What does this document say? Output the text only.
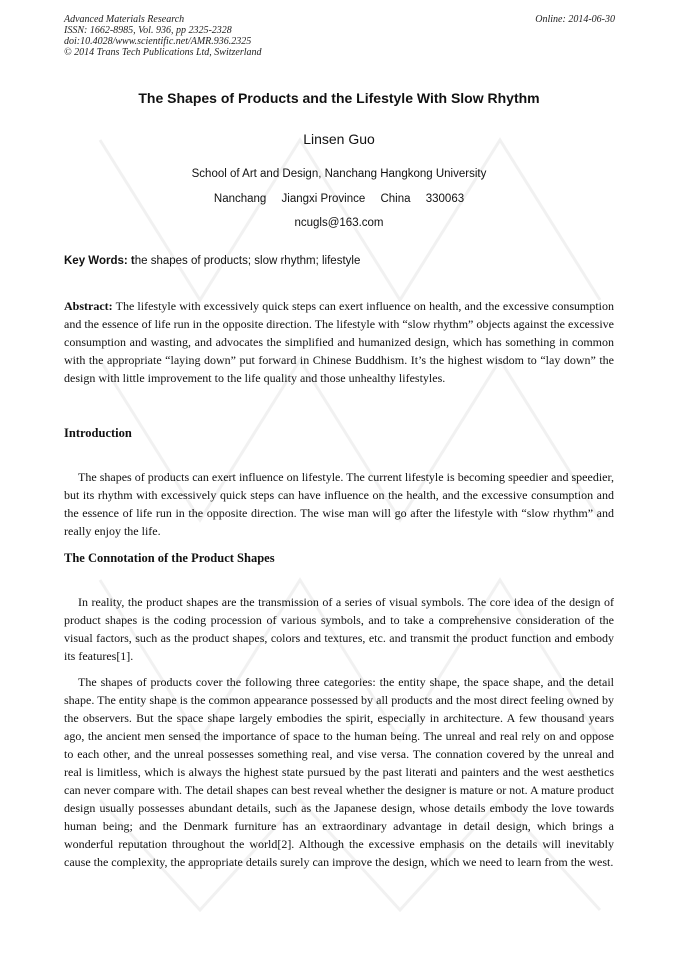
Advanced Materials Research
ISSN: 1662-8985, Vol. 936, pp 2325-2328
doi:10.4028/www.scientific.net/AMR.936.2325
© 2014 Trans Tech Publications Ltd, Switzerland
Online: 2014-06-30
The Shapes of Products and the Lifestyle With Slow Rhythm
Linsen Guo
School of Art and Design, Nanchang Hangkong University
Nanchang Jiangxi Province China 330063
ncugls@163.com
Key Words: the shapes of products; slow rhythm; lifestyle
Abstract: The lifestyle with excessively quick steps can exert influence on health, and the excessive consumption and the essence of life run in the opposite direction. The lifestyle with “slow rhythm” objects against the excessive consumption and wasting, and advocates the simplified and humanized design, which has something in common with the appropriate “laying down” put forward in Chinese Buddhism. It’s the highest wisdom to “lay down” the design with little improvement to the life quality and those unhealthy lifestyles.
Introduction
The shapes of products can exert influence on lifestyle. The current lifestyle is becoming speedier and speedier, but its rhythm with excessively quick steps can have influence on the health, and the excessive consumption and the essence of life run in the opposite direction. The wise man will go after the lifestyle with “slow rhythm” and really enjoy the life.
The Connotation of the Product Shapes
In reality, the product shapes are the transmission of a series of visual symbols. The core idea of the design of product shapes is the coding procession of various symbols, and to take a comprehensive consideration of the visual factors, such as the product shapes, colors and textures, etc. and transmit the product function and embody its features[1].
The shapes of products cover the following three categories: the entity shape, the space shape, and the detail shape. The entity shape is the common appearance possessed by all products and the most direct feeling owned by the observers. But the space shape largely embodies the spirit, especially in architecture. A few thousand years ago, the ancient men sensed the importance of space to the human being. The unreal and real rely on and oppose to each other, and the unreal possesses something real, and vise versa. The connation covered by the unreal and real is limitless, which is always the highest state pursued by the past literati and painters and the west aesthetics can never compare with. The detail shapes can best reveal whether the designer is mature or not. A mature product design usually possesses abundant details, such as the Japanese design, whose details embody the love towards human being; and the Denmark furniture has an extraordinary advantage in detail design, which brings a wonderful reputation throughout the world[2]. Although the excessive emphasis on the details will inevitably cause the complexity, the appropriate details surely can improve the design, which we need to learn from the west.
